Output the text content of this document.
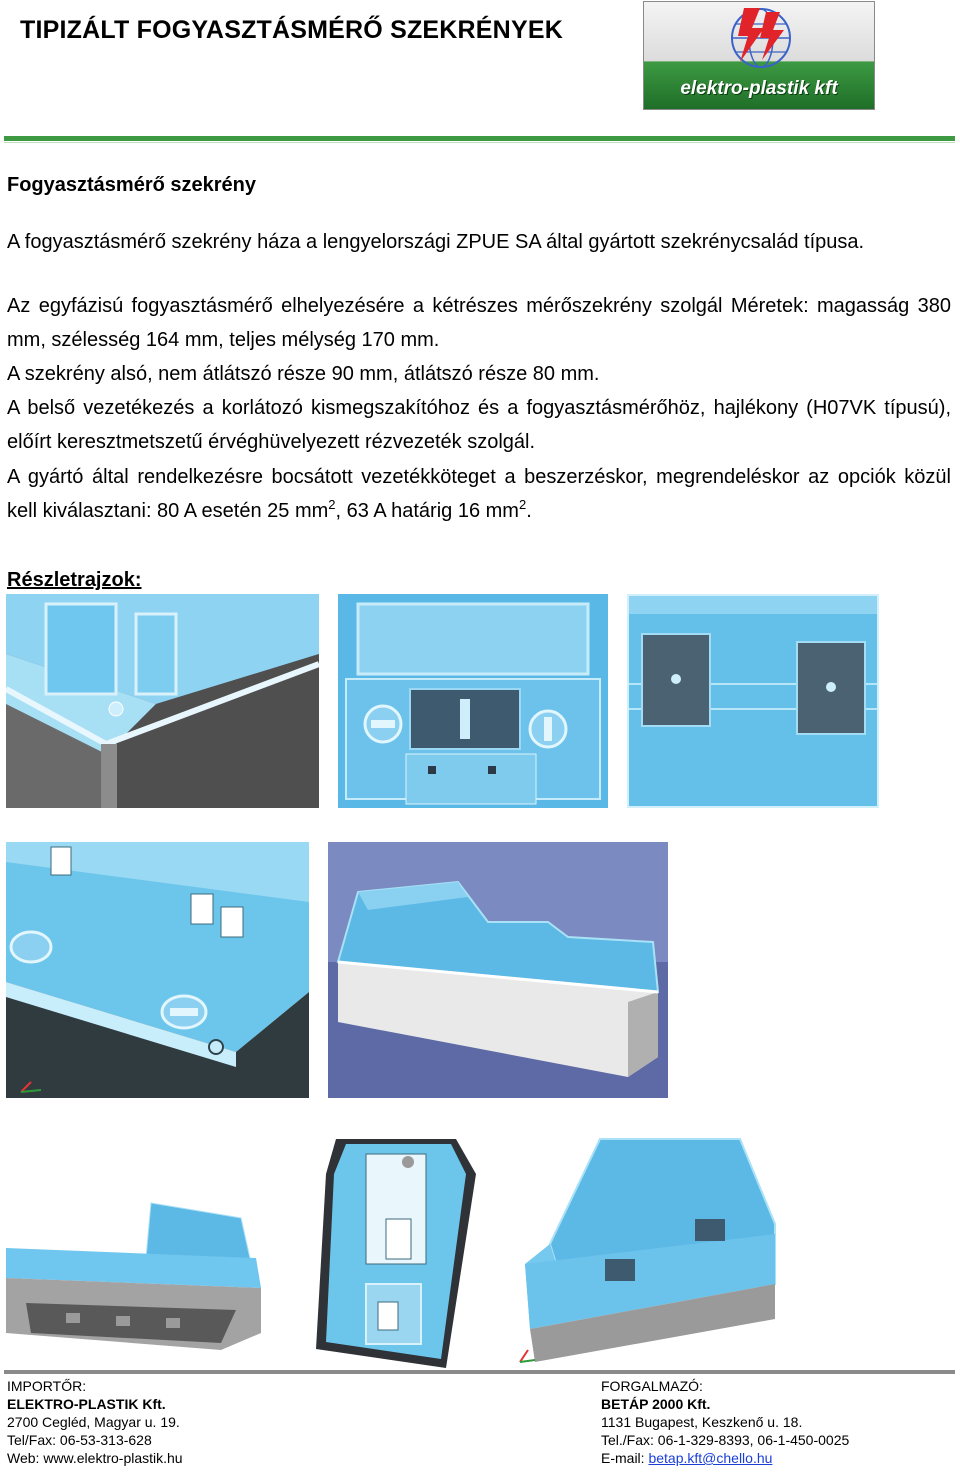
TIPIZÁLT FOGYASZTÁSMÉRŐ SZEKRÉNYEK
elektro-plastik kft
Fogyasztásmérő szekrény
A fogyasztásmérő szekrény háza a lengyelországi ZPUE SA által gyártott szekrénycsalád típusa.
Az egyfázisú fogyasztásmérő elhelyezésére a kétrészes mérőszekrény szolgál Méretek: magasság 380 mm, szélesség 164 mm, teljes mélység 170 mm.
A szekrény alsó, nem átlátszó része 90 mm, átlátszó része 80 mm.
A belső vezetékezés a korlátozó kismegszakítóhoz és a fogyasztásmérőhöz, hajlékony (H07VK típusú), előírt keresztmetszetű érvéghüvelyezett rézvezeték szolgál.
A gyártó által rendelkezésre bocsátott vezetékköteget a beszerzéskor, megrendeléskor az opciók közül kell kiválasztani: 80 A esetén 25 $mm^2$, 63 A határig 16 $mm^2$.
Részletrajzok:
IMPORTŐR:
ELEKTRO-PLASTIK Kft.
2700 Cegléd, Magyar u. 19.
Tel/Fax: 06-53-313-628
Web: www.elektro-plastik.hu
FORGALMAZÓ:
BETÁP 2000 Kft.
1131 Bugapest, Keszkenő u. 18.
Tel./Fax: 06-1-329-8393, 06-1-450-0025
E-mail: betap.kft@chello.hu
